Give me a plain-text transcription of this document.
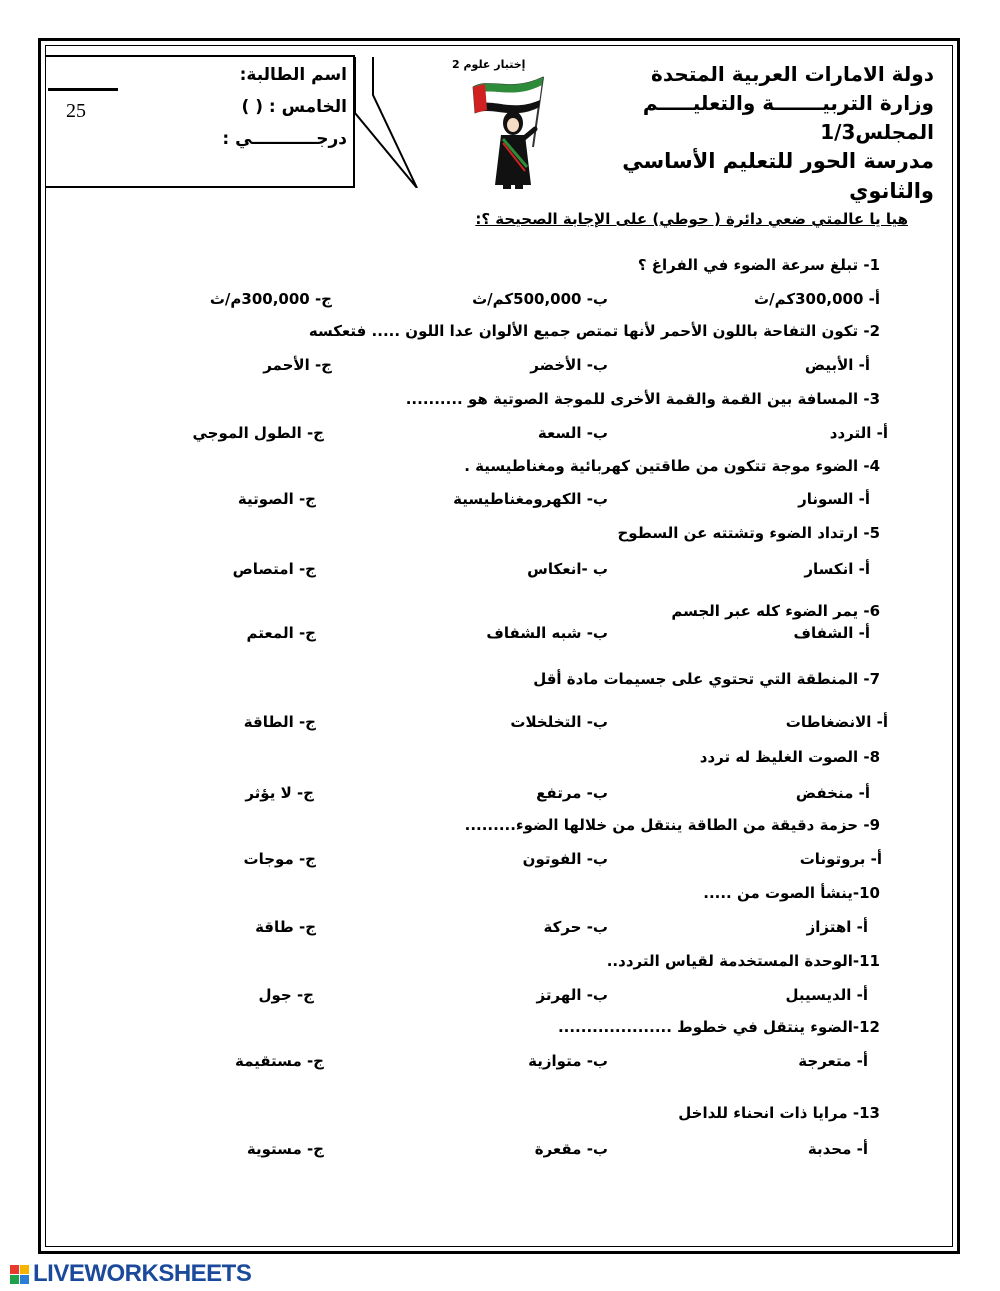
دولة الامارات العربية المتحدة
وزارة التربيـــــــة والتعليـــــم
المجلس1/3
مدرسة الحور للتعليم الأساسي والثانوي
اسم الطالبة:
الخامس : ( )
درجـــــــــــي :
25
إختبار علوم 2
هيا يا عالمتي ضعي دائرة ( حوطي) على الإجابة الصحيحة ؟:
1- تبلغ سرعة الضوء في الفراغ ؟
أ- 300,000كم/ث
ب- 500,000كم/ث
ج- 300,000م/ث
2- تكون التفاحة باللون الأحمر لأنها تمتص جميع الألوان عدا اللون ..... فتعكسه
أ- الأبيض
ب- الأخضر
ج- الأحمر
3- المسافة بين القمة والقمة الأخرى للموجة الصوتية هو ..........
أ- التردد
ب- السعة
ج- الطول الموجي
4- الضوء موجة تتكون من طاقتين كهربائية ومغناطيسية .
أ- السونار
ب- الكهرومغناطيسية
ج- الصوتية
5- ارتداد الضوء وتشتته عن السطوح
أ- انكسار
ب -انعكاس
ج- امتصاص
6- يمر الضوء كله عبر الجسم
أ- الشفاف
ب- شبه الشفاف
ج- المعتم
7- المنطقة التي تحتوي على جسيمات مادة أقل
أ- الانضغاطات
ب- التخلخلات
ج- الطاقة
8- الصوت الغليظ له تردد
أ- منخفض
ب- مرتفع
ج- لا يؤثر
9- حزمة دقيقة من الطاقة ينتقل من خلالها الضوء.........
أ- بروتونات
ب- الفوتون
ج- موجات
10-ينشأ الصوت من .....
أ- اهتزاز
ب- حركة
ج- طاقة
11-الوحدة المستخدمة لقياس التردد..
أ- الديسيبل
ب- الهرتز
ج- جول
12-الضوء ينتقل في خطوط ....................
أ- متعرجة
ب- متوازية
ج- مستقيمة
13- مرايا ذات انحناء للداخل
أ- محدبة
ب- مقعرة
ج- مستوية
LIVEWORKSHEETS
